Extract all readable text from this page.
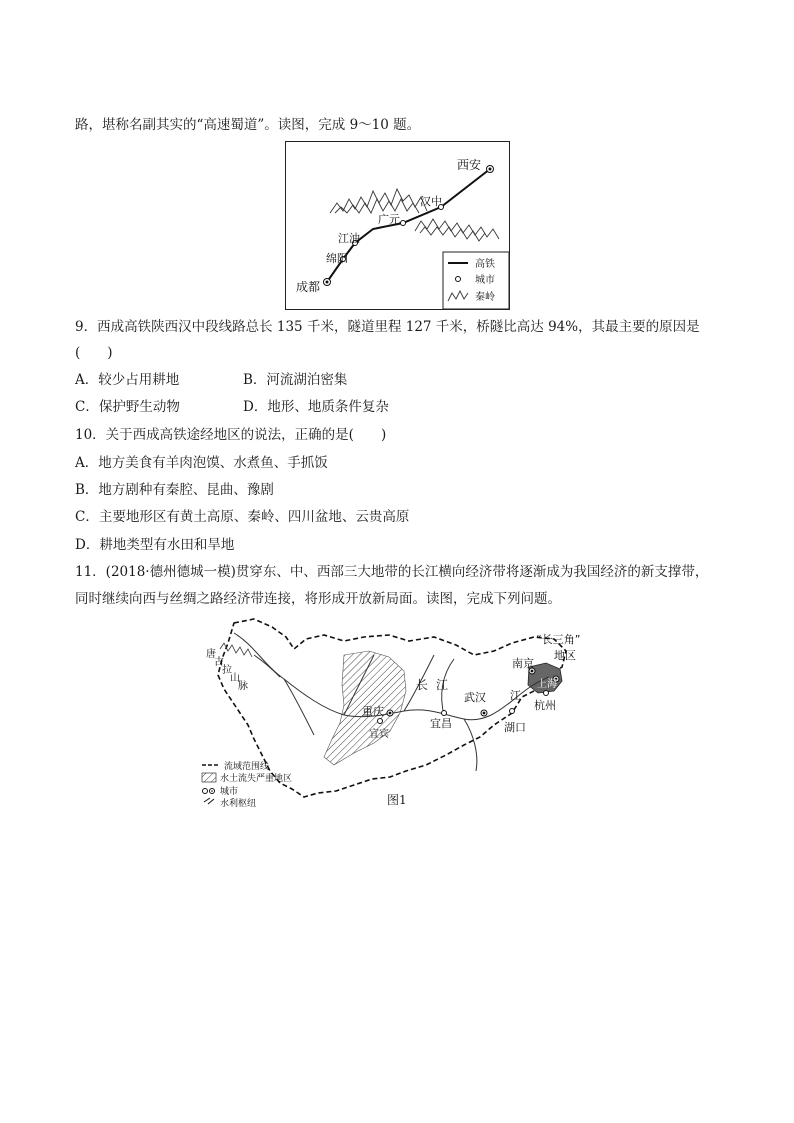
路，堪称名副其实的“高速蜀道”。读图，完成 9～10 题。
西安
汉中
广元
江油
绵阳
成都
高铁
城市
秦岭
9．西成高铁陕西汉中段线路总长 135 千米，隧道里程 127 千米，桥隧比高达 94%，其最主要的原因是
(　　)
A．较少占用耕地	B．河流湖泊密集
C．保护野生动物	D．地形、地质条件复杂
10．关于西成高铁途经地区的说法，正确的是(　　)
A．地方美食有羊肉泡馍、水煮鱼、手抓饭
B．地方剧种有秦腔、昆曲、豫剧
C．主要地形区有黄土高原、秦岭、四川盆地、云贵高原
D．耕地类型有水田和旱地
11．(2018·德州德城一模)贯穿东、中、西部三大地带的长江横向经济带将逐渐成为我国经济的新支撑带，
同时继续向西与丝绸之路经济带连接，将形成开放新局面。读图，完成下列问题。
唐
古
拉
山
脉
重庆
宜宾
宜昌
武汉
湖口
南京
上海
杭州
长 江
江
“长三角”
地区
流域范围线
水土流失严重地区
城市
水利枢纽	图1
